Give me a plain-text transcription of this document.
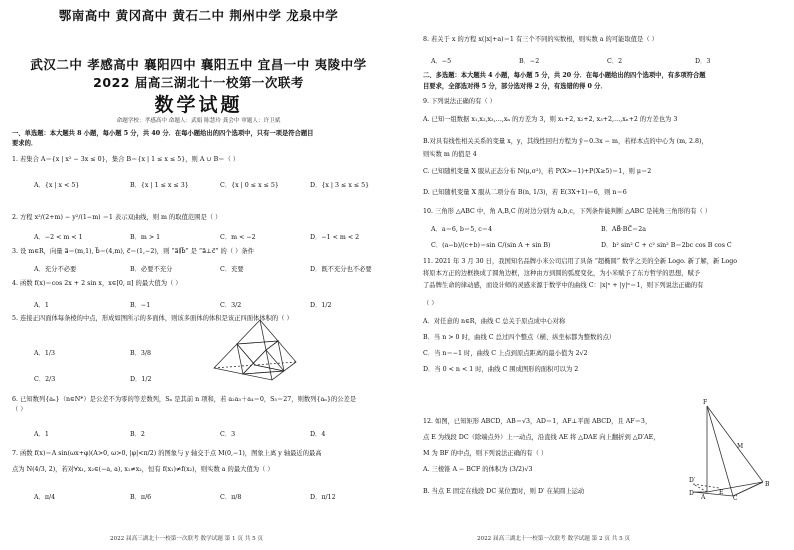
鄂南高中 黄冈高中 黄石二中 荆州中学 龙泉中学
武汉二中 孝感高中 襄阳四中 襄阳五中 宜昌一中 夷陵中学
2022 届高三湖北十一校第一次联考
数学试题
命题学校：孝感高中 命题人：武娟 陈慧玲 龚会中 审题人：许卫斌
一、单选题：本大题共 8 小题，每小题 5 分，共 40 分．在每小题给出的四个选项中，只有一项是符合题目
要求的．
1. 若集合 A＝{x | x² − 3x ≤ 0}，集合 B＝{x | 1 ≤ x ≤ 5}，则 A ∪ B＝（ ）
2. 方程 x²/(2+m) − y²/(1−m) ＝1 表示双曲线，则 m 的取值范围是（ ）
3. 设 m∈R，向量 a⃗＝(m,1), b⃗＝(4,m), c⃗＝(1,−2)，则 “a⃗∥b⃗” 是 “a⃗⊥c⃗” 的（ ）条件
4. 函数 f(x)＝cos 2x + 2 sin x，x∈[0, π] 的最大值为（ ）
5. 连接正四面体每条棱的中点，形成如图所示的多面体，则该多面体的体积是该正四面体体积的（ ）
6. 已知数列{aₙ}（n∈N*）是公差不为零的等差数列，Sₙ 是其前 n 项和，若 a₂a₃＋a₄＝0，S₅＝27，则数列{aₙ}的公差是
（ ）
7. 函数 f(x)＝A sin(ωx+φ)(A>0, ω>0, |φ|<π/2) 的图象与 y 轴交于点 M(0,−1)，图象上离 y 轴最近的最高
点为 N(4/3, 2)，若对∀x₁, x₂∈(−a, a), x₁≠x₂，恒有 f(x₁)≠f(x₂)，则实数 a 的最大值为（ ）
A．{x | x < 5}	B．{x | 1 ≤ x ≤ 3}	C．{x | 0 ≤ x ≤ 5}	D．{x | 3 ≤ x ≤ 5}
A．−2 < m < 1	B．m > 1	C．m < −2	D．−1 < m < 2
A．充分不必要	B．必要不充分	C．充要	D．既不充分也不必要
A．1	B．−1	C．3/2	D．1/2
A．1/3	B．3/8
C．2/3	D．1/2
A．1	B．2	C．3	D．4
A．π/4	B．π/6	C．π/8	D．π/12
2022 届高三湖北十一校第一次联考 数学试题 第 1 页 共 5 页
8. 若关于 x 的方程 x(|x|+a)＝1 有三个不同的实数根，则实数 a 的可能取值是（ ）
二、多选题：本大题共 4 小题，每小题 5 分，共 20 分．在每小题给出的四个选项中，有多项符合题
目要求，全部选对得 5 分，部分选对得 2 分，有选错的得 0 分．
9. 下列说法正确的有（ ）
A. 已知一组数据 x₁,x₂,x₃,…,xₙ 的方差为 3，则 x₁+2, x₂+2, x₃+2,…,xₙ+2 的方差也为 3
B.对具有线性相关关系的变量 x，y，其线性回归方程为 ŷ＝0.3x − m，若样本点的中心为 (m, 2.8)，
则实数 m 的值是 4
C. 已知随机变量 X 服从正态分布 N(μ,σ²)，若 P(X>−1)+P(X≥5)＝1，则 μ＝2
D. 已知随机变量 X 服从二项分布 B(n, 1/3)，若 E(3X+1)＝6，则 n＝6
10. 三角形 △ABC 中，角 A,B,C 的对边分别为 a,b,c，下列条件能判断 △ABC 是钝角三角形的有（ ）
11. 2021 年 3 月 30 日，我国知名品牌小米公司启用了具备 “超椭圆” 数学之美的全新 Logo. 新了解，新 Logo
将原本方正的边框换成了圆角边框，这种由方到圆的弧度变化，为小米赋予了东方哲学的思想，赋予
了品牌生命的律动感，而设计师的灵感来源于数学中的曲线 C：|x|ⁿ + |y|ⁿ＝1，则下列说法正确的有
（ ）
A．对任意的 n∈R，曲线 C 总关于原点成中心对称
B．当 n > 0 时，曲线 C 总过四个整点（横、纵坐标都为整数的点）
C．当 n＝−1 时，曲线 C 上点到原点距离的最小值为 2√2
D．当 0 < n < 1 时，曲线 C 围成图形的面积可以为 2
12. 如图，已知矩形 ABCD，AB＝√3，AD＝1，AF⊥平面 ABCD，且 AF＝3，
点 E 为线段 DC（除端点外）上一动点，沿直线 AE 将 △DAE 向上翻折到 △D′AE，
M 为 BF 的中点，则下列说法正确的有（ ）
A. 三棱锥 A − BCF 的体积为 (3/2)√3
B. 当点 E 固定在线段 DC 某位置时，则 D′ 在某圆上运动
A．−5	B．−2	C．2	D．3
A．a＝6, b＝5, c＝4	B．AB⃗·BC⃗＝2a
C．(a−b)/(c+b)＝sin C/(sin A + sin B)	D．b² sin² C + c² sin² B＝2bc cos B cos C
F
M
A
B
C
D	E
D′
2022 届高三湖北十一校第一次联考 数学试题 第 2 页 共 5 页
